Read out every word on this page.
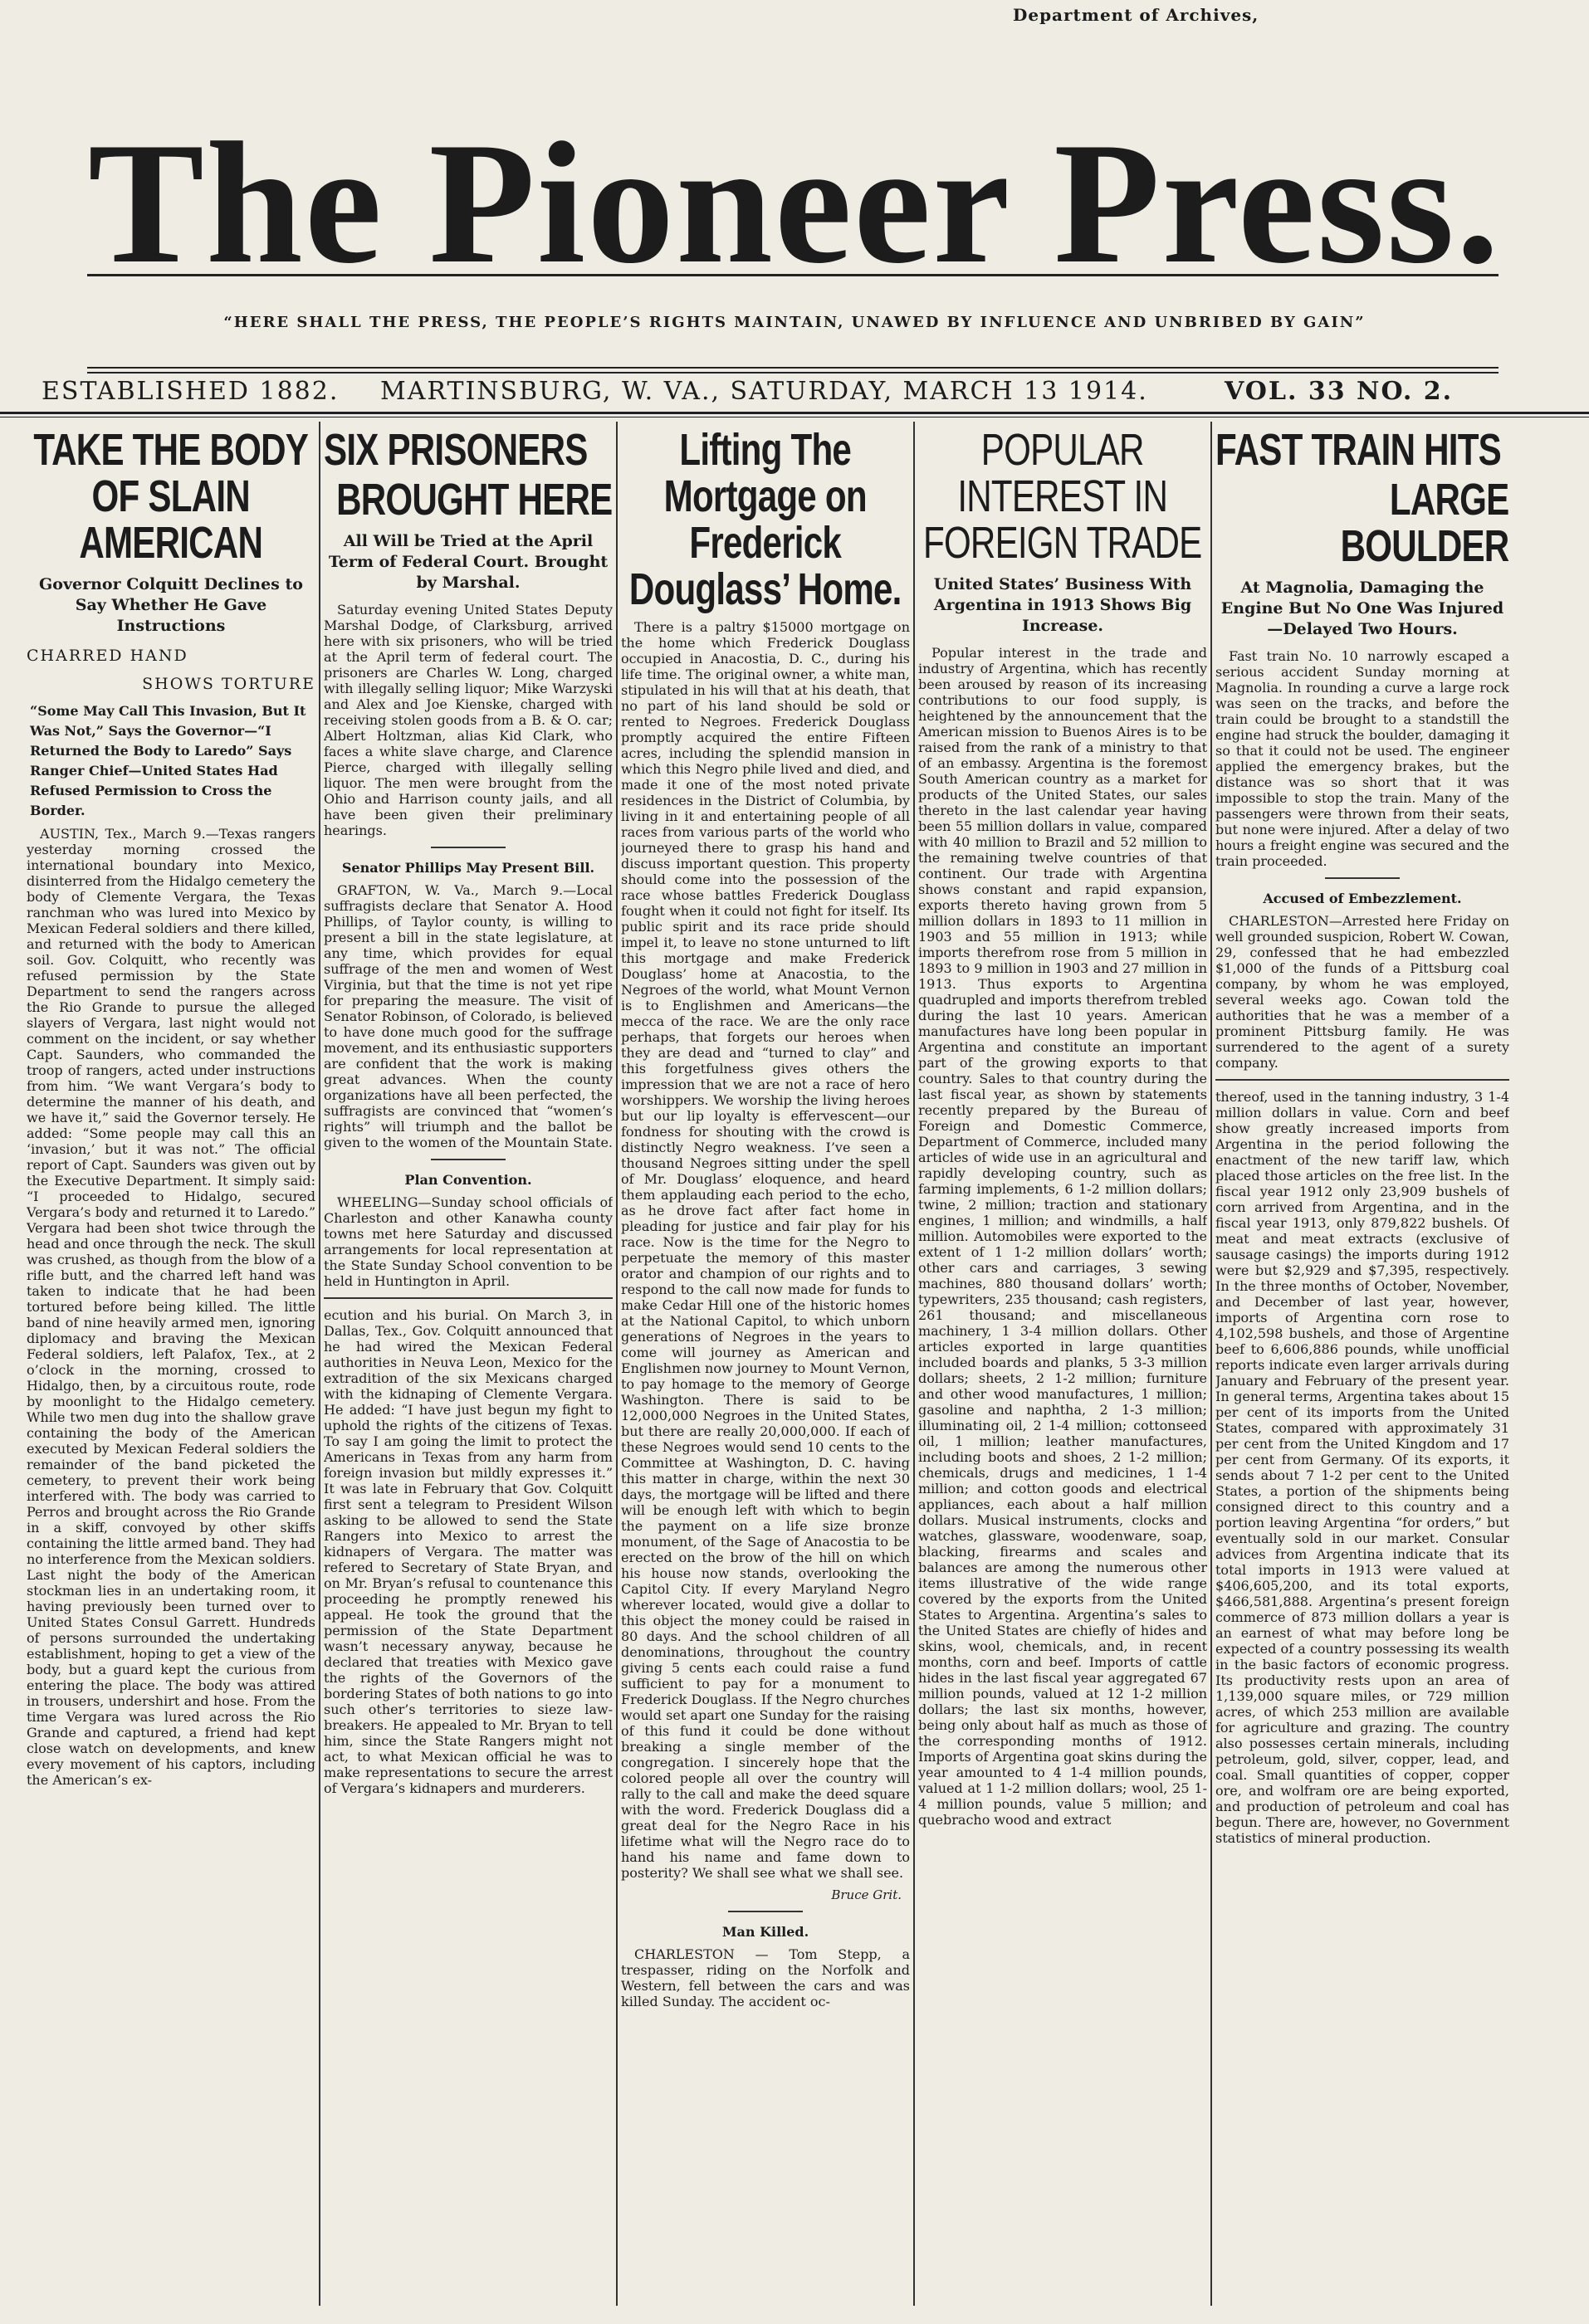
Department of Archives,
The Pioneer Press.
“HERE SHALL THE PRESS, THE PEOPLE’S RIGHTS MAINTAIN, UNAWED BY INFLUENCE AND UNBRIBED BY GAIN”
ESTABLISHED 1882. MARTINSBURG, W. VA., SATURDAY, MARCH 13 1914.	VOL. 33 NO. 2.
TAKE THE BODY OF SLAIN AMERICAN
Governor Colquitt Declines to Say Whether He Gave Instructions
CHARRED HAND
SHOWS TORTURE
“Some May Call This Invasion, But It Was Not,” Says the Governor—“I Returned the Body to Laredo” Says Ranger Chief—United States Had Refused Permission to Cross the Border.

AUSTIN, Tex., March 9.—Texas rangers yesterday morning crossed the international boundary into Mexico, disinterred from the Hidalgo cemetery the body of Clemente Vergara, the Texas ranchman who was lured into Mexico by Mexican Federal soldiers and there killed, and returned with the body to American soil. Gov. Colquitt, who recently was refused permission by the State Department to send the rangers across the Rio Grande to pursue the alleged slayers of Vergara, last night would not comment on the incident, or say whether Capt. Saunders, who commanded the troop of rangers, acted under instructions from him. “We want Vergara’s body to determine the manner of his death, and we have it,” said the Governor tersely. He added: “Some people may call this an ‘invasion,’ but it was not.” The official report of Capt. Saunders was given out by the Executive Department. It simply said: “I proceeded to Hidalgo, secured Vergara’s body and returned it to Laredo.” Vergara had been shot twice through the head and once through the neck. The skull was crushed, as though from the blow of a rifle butt, and the charred left hand was taken to indicate that he had been tortured before being killed. The little band of nine heavily armed men, ignoring diplomacy and braving the Mexican Federal soldiers, left Palafox, Tex., at 2 o’clock in the morning, crossed to Hidalgo, then, by a circuitous route, rode by moonlight to the Hidalgo cemetery. While two men dug into the shallow grave containing the body of the American executed by Mexican Federal soldiers the remainder of the band picketed the cemetery, to prevent their work being interfered with. The body was carried to Perros and brought across the Rio Grande in a skiff, convoyed by other skiffs containing the little armed band. They had no interference from the Mexican soldiers. Last night the body of the American stockman lies in an undertaking room, it having previously been turned over to United States Consul Garrett. Hundreds of persons surrounded the undertaking establishment, hoping to get a view of the body, but a guard kept the curious from entering the place. The body was attired in trousers, undershirt and hose. From the time Vergara was lured across the Rio Grande and captured, a friend had kept close watch on developments, and knew every movement of his captors, including the American’s ex-

SIX PRISONERS
BROUGHT HERE
All Will be Tried at the April Term of Federal Court. Brought by Marshal.

Saturday evening United States Deputy Marshal Dodge, of Clarksburg, arrived here with six prisoners, who will be tried at the April term of federal court. The prisoners are Charles W. Long, charged with illegally selling liquor; Mike Warzyski and Alex and Joe Kienske, charged with receiving stolen goods from a B. & O. car; Albert Holtzman, alias Kid Clark, who faces a white slave charge, and Clarence Pierce, charged with illegally selling liquor. The men were brought from the Ohio and Harrison county jails, and all have been given their preliminary hearings.

Senator Phillips May Present Bill.

GRAFTON, W. Va., March 9.—Local suffragists declare that Senator A. Hood Phillips, of Taylor county, is willing to present a bill in the state legislature, at any time, which provides for equal suffrage of the men and women of West Virginia, but that the time is not yet ripe for preparing the measure. The visit of Senator Robinson, of Colorado, is believed to have done much good for the suffrage movement, and its enthusiastic supporters are confident that the work is making great advances. When the county organizations have all been perfected, the suffragists are convinced that “women’s rights” will triumph and the ballot be given to the women of the Mountain State.

Plan Convention.

WHEELING—Sunday school officials of Charleston and other Kanawha county towns met here Saturday and discussed arrangements for local representation at the State Sunday School convention to be held in Huntington in April.

ecution and his burial. On March 3, in Dallas, Tex., Gov. Colquitt announced that he had wired the Mexican Federal authorities in Neuva Leon, Mexico for the extradition of the six Mexicans charged with the kidnaping of Clemente Vergara. He added: “I have just begun my fight to uphold the rights of the citizens of Texas. To say I am going the limit to protect the Americans in Texas from any harm from foreign invasion but mildly expresses it.” It was late in February that Gov. Colquitt first sent a telegram to President Wilson asking to be allowed to send the State Rangers into Mexico to arrest the kidnapers of Vergara. The matter was refered to Secretary of State Bryan, and on Mr. Bryan’s refusal to countenance this proceeding he promptly renewed his appeal. He took the ground that the permission of the State Department wasn’t necessary anyway, because he declared that treaties with Mexico gave the rights of the Governors of the bordering States of both nations to go into such other’s territories to sieze law-breakers. He appealed to Mr. Bryan to tell him, since the State Rangers might not act, to what Mexican official he was to make representations to secure the arrest of Vergara’s kidnapers and murderers.

Lifting The Mortgage on Frederick Douglass’ Home.

There is a paltry $15000 mortgage on the home which Frederick Douglass occupied in Anacostia, D. C., during his life time. The original owner, a white man, stipulated in his will that at his death, that no part of his land should be sold or rented to Negroes. Frederick Douglass promptly acquired the entire Fifteen acres, including the splendid mansion in which this Negro phile lived and died, and made it one of the most noted private residences in the District of Columbia, by living in it and entertaining people of all races from various parts of the world who journeyed there to grasp his hand and discuss important question. This property should come into the possession of the race whose battles Frederick Douglass fought when it could not fight for itself. Its public spirit and its race pride should impel it, to leave no stone unturned to lift this mortgage and make Frederick Douglass’ home at Anacostia, to the Negroes of the world, what Mount Vernon is to Englishmen and Americans—the mecca of the race. We are the only race perhaps, that forgets our heroes when they are dead and “turned to clay” and this forgetfulness gives others the impression that we are not a race of hero worshippers. We worship the living heroes but our lip loyalty is effervescent—our fondness for shouting with the crowd is distinctly Negro weakness. I’ve seen a thousand Negroes sitting under the spell of Mr. Douglass’ eloquence, and heard them applauding each period to the echo, as he drove fact after fact home in pleading for justice and fair play for his race. Now is the time for the Negro to perpetuate the memory of this master orator and champion of our rights and to respond to the call now made for funds to make Cedar Hill one of the historic homes at the National Capitol, to which unborn generations of Negroes in the years to come will journey as American and Englishmen now journey to Mount Vernon, to pay homage to the memory of George Washington. There is said to be 12,000,000 Negroes in the United States, but there are really 20,000,000. If each of these Negroes would send 10 cents to the Committee at Washington, D. C. having this matter in charge, within the next 30 days, the mortgage will be lifted and there will be enough left with which to begin the payment on a life size bronze monument, of the Sage of Anacostia to be erected on the brow of the hill on which his house now stands, overlooking the Capitol City. If every Maryland Negro wherever located, would give a dollar to this object the money could be raised in 80 days. And the school children of all denominations, throughout the country giving 5 cents each could raise a fund sufficient to pay for a monument to Frederick Douglass. If the Negro churches would set apart one Sunday for the raising of this fund it could be done without breaking a single member of the congregation. I sincerely hope that the colored people all over the country will rally to the call and make the deed square with the word. Frederick Douglass did a great deal for the Negro Race in his lifetime what will the Negro race do to hand his name and fame down to posterity? We shall see what we shall see.

Bruce Grit.
Man Killed.

CHARLESTON — Tom Stepp, a trespasser, riding on the Norfolk and Western, fell between the cars and was killed Sunday. The accident oc-

POPULAR INTEREST IN FOREIGN TRADE
United States’ Business With Argentina in 1913 Shows Big Increase.

Popular interest in the trade and industry of Argentina, which has recently been aroused by reason of its increasing contributions to our food supply, is heightened by the announcement that the American mission to Buenos Aires is to be raised from the rank of a ministry to that of an embassy. Argentina is the foremost South American country as a market for products of the United States, our sales thereto in the last calendar year having been 55 million dollars in value, compared with 40 million to Brazil and 52 million to the remaining twelve countries of that continent. Our trade with Argentina shows constant and rapid expansion, exports thereto having grown from 5 million dollars in 1893 to 11 million in 1903 and 55 million in 1913; while imports therefrom rose from 5 million in 1893 to 9 million in 1903 and 27 million in 1913. Thus exports to Argentina quadrupled and imports therefrom trebled during the last 10 years. American manufactures have long been popular in Argentina and constitute an important part of the growing exports to that country. Sales to that country during the last fiscal year, as shown by statements recently prepared by the Bureau of Foreign and Domestic Commerce, Department of Commerce, included many articles of wide use in an agricultural and rapidly developing country, such as farming implements, 6 1-2 million dollars; twine, 2 million; traction and stationary engines, 1 million; and windmills, a half million. Automobiles were exported to the extent of 1 1-2 million dollars’ worth; other cars and carriages, 3 sewing machines, 880 thousand dollars’ worth; typewriters, 235 thousand; cash registers, 261 thousand; and miscellaneous machinery, 1 3-4 million dollars. Other articles exported in large quantities included boards and planks, 5 3-3 million dollars; sheets, 2 1-2 million; furniture and other wood manufactures, 1 million; gasoline and naphtha, 2 1-3 million; illuminating oil, 2 1-4 million; cottonseed oil, 1 million; leather manufactures, including boots and shoes, 2 1-2 million; chemicals, drugs and medicines, 1 1-4 million; and cotton goods and electrical appliances, each about a half million dollars. Musical instruments, clocks and watches, glassware, woodenware, soap, blacking, firearms and scales and balances are among the numerous other items illustrative of the wide range covered by the exports from the United States to Argentina. Argentina’s sales to the United States are chiefly of hides and skins, wool, chemicals, and, in recent months, corn and beef. Imports of cattle hides in the last fiscal year aggregated 67 million pounds, valued at 12 1-2 million dollars; the last six months, however, being only about half as much as those of the corresponding months of 1912. Imports of Argentina goat skins during the year amounted to 4 1-4 million pounds, valued at 1 1-2 million dollars; wool, 25 1-4 million pounds, value 5 million; and quebracho wood and extract

FAST TRAIN HITS
LARGE BOULDER
At Magnolia, Damaging the Engine But No One Was Injured—Delayed Two Hours.

Fast train No. 10 narrowly escaped a serious accident Sunday morning at Magnolia. In rounding a curve a large rock was seen on the tracks, and before the train could be brought to a standstill the engine had struck the boulder, damaging it so that it could not be used. The engineer applied the emergency brakes, but the distance was so short that it was impossible to stop the train. Many of the passengers were thrown from their seats, but none were injured. After a delay of two hours a freight engine was secured and the train proceeded.

Accused of Embezzlement.

CHARLESTON—Arrested here Friday on well grounded suspicion, Robert W. Cowan, 29, confessed that he had embezzled $1,000 of the funds of a Pittsburg coal company, by whom he was employed, several weeks ago. Cowan told the authorities that he was a member of a prominent Pittsburg family. He was surrendered to the agent of a surety company.

thereof, used in the tanning industry, 3 1-4 million dollars in value. Corn and beef show greatly increased imports from Argentina in the period following the enactment of the new tariff law, which placed those articles on the free list. In the fiscal year 1912 only 23,909 bushels of corn arrived from Argentina, and in the fiscal year 1913, only 879,822 bushels. Of meat and meat extracts (exclusive of sausage casings) the imports during 1912 were but $2,929 and $7,395, respectively. In the three months of October, November, and December of last year, however, imports of Argentina corn rose to 4,102,598 bushels, and those of Argentine beef to 6,606,886 pounds, while unofficial reports indicate even larger arrivals during January and February of the present year. In general terms, Argentina takes about 15 per cent of its imports from the United States, compared with approximately 31 per cent from the United Kingdom and 17 per cent from Germany. Of its exports, it sends about 7 1-2 per cent to the United States, a portion of the shipments being consigned direct to this country and a portion leaving Argentina “for orders,” but eventually sold in our market. Consular advices from Argentina indicate that its total imports in 1913 were valued at $406,605,200, and its total exports, $466,581,888. Argentina’s present foreign commerce of 873 million dollars a year is an earnest of what may before long be expected of a country possessing its wealth in the basic factors of economic progress. Its productivity rests upon an area of 1,139,000 square miles, or 729 million acres, of which 253 million are available for agriculture and grazing. The country also possesses certain minerals, including petroleum, gold, silver, copper, lead, and coal. Small quantities of copper, copper ore, and wolfram ore are being exported, and production of petroleum and coal has begun. There are, however, no Government statistics of mineral production.
